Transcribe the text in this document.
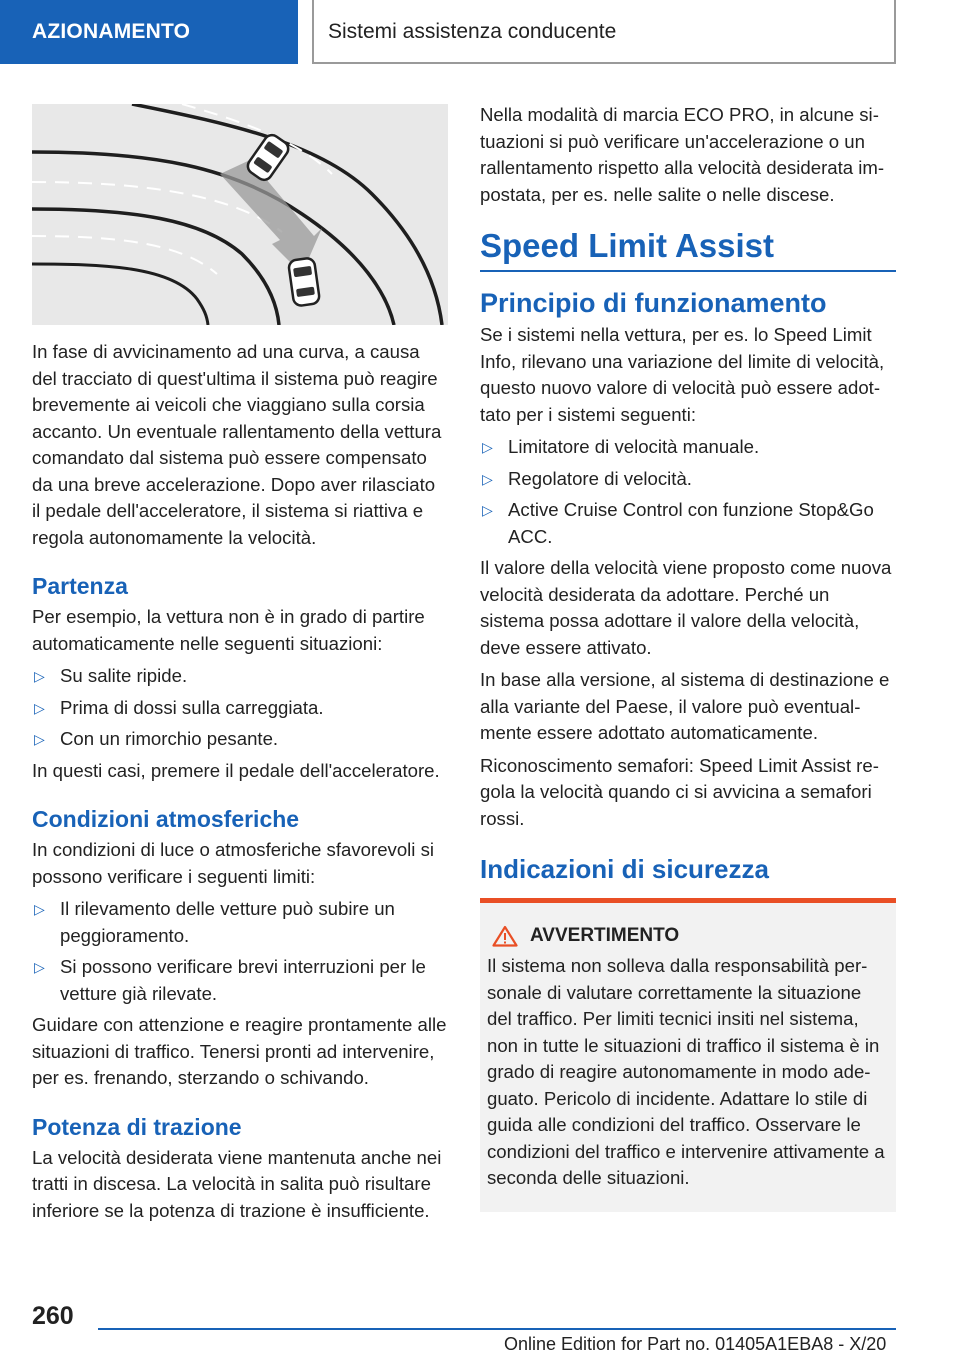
AZIONAMENTO	Sistemi assistenza conducente

In fase di avvicinamento ad una curva, a causa del tracciato di quest'ultima il sistema può reagire brevemente ai veicoli che viaggiano sulla corsia accanto. Un eventuale rallentamento della vettura comandato dal sistema può essere compensato da una breve accelerazione. Dopo aver rilasciato il pedale dell'acceleratore, il sistema si riattiva e regola autonomamente la velocità.

Partenza

Per esempio, la vettura non è in grado di partire automaticamente nelle seguenti situazioni:

▷ Su salite ripide.
▷ Prima di dossi sulla carreggiata.
▷ Con un rimorchio pesante.

In questi casi, premere il pedale dell'acceleratore.

Condizioni atmosferiche

In condizioni di luce o atmosferiche sfavorevoli si possono verificare i seguenti limiti:

▷ Il rilevamento delle vetture può subire un peggioramento.
▷ Si possono verificare brevi interruzioni per le vetture già rilevate.

Guidare con attenzione e reagire prontamente alle situazioni di traffico. Tenersi pronti ad intervenire, per es. frenando, sterzando o schivando.

Potenza di trazione

La velocità desiderata viene mantenuta anche nei tratti in discesa. La velocità in salita può risultare inferiore se la potenza di trazione è insufficiente.

Nella modalità di marcia ECO PRO, in alcune situazioni si può verificare un'accelerazione o un rallentamento rispetto alla velocità desiderata impostata, per es. nelle salite o nelle discese.

Speed Limit Assist
Principio di funzionamento

Se i sistemi nella vettura, per es. lo Speed Limit Info, rilevano una variazione del limite di velocità, questo nuovo valore di velocità può essere adottato per i sistemi seguenti:

▷ Limitatore di velocità manuale.
▷ Regolatore di velocità.
▷ Active Cruise Control con funzione Stop&Go ACC.

Il valore della velocità viene proposto come nuova velocità desiderata da adottare. Perché un sistema possa adottare il valore della velocità, deve essere attivato.

In base alla versione, al sistema di destinazione e alla variante del Paese, il valore può eventualmente essere adottato automaticamente.

Riconoscimento semafori: Speed Limit Assist regola la velocità quando ci si avvicina a semafori rossi.

Indicazioni di sicurezza
AVVERTIMENTO

Il sistema non solleva dalla responsabilità personale di valutare correttamente la situazione del traffico. Per limiti tecnici insiti nel sistema, non in tutte le situazioni di traffico il sistema è in grado di reagire autonomamente in modo adeguato. Pericolo di incidente. Adattare lo stile di guida alle condizioni del traffico. Osservare le condizioni del traffico e intervenire attivamente a seconda delle situazioni.

260
Online Edition for Part no. 01405A1EBA8 - X/20
